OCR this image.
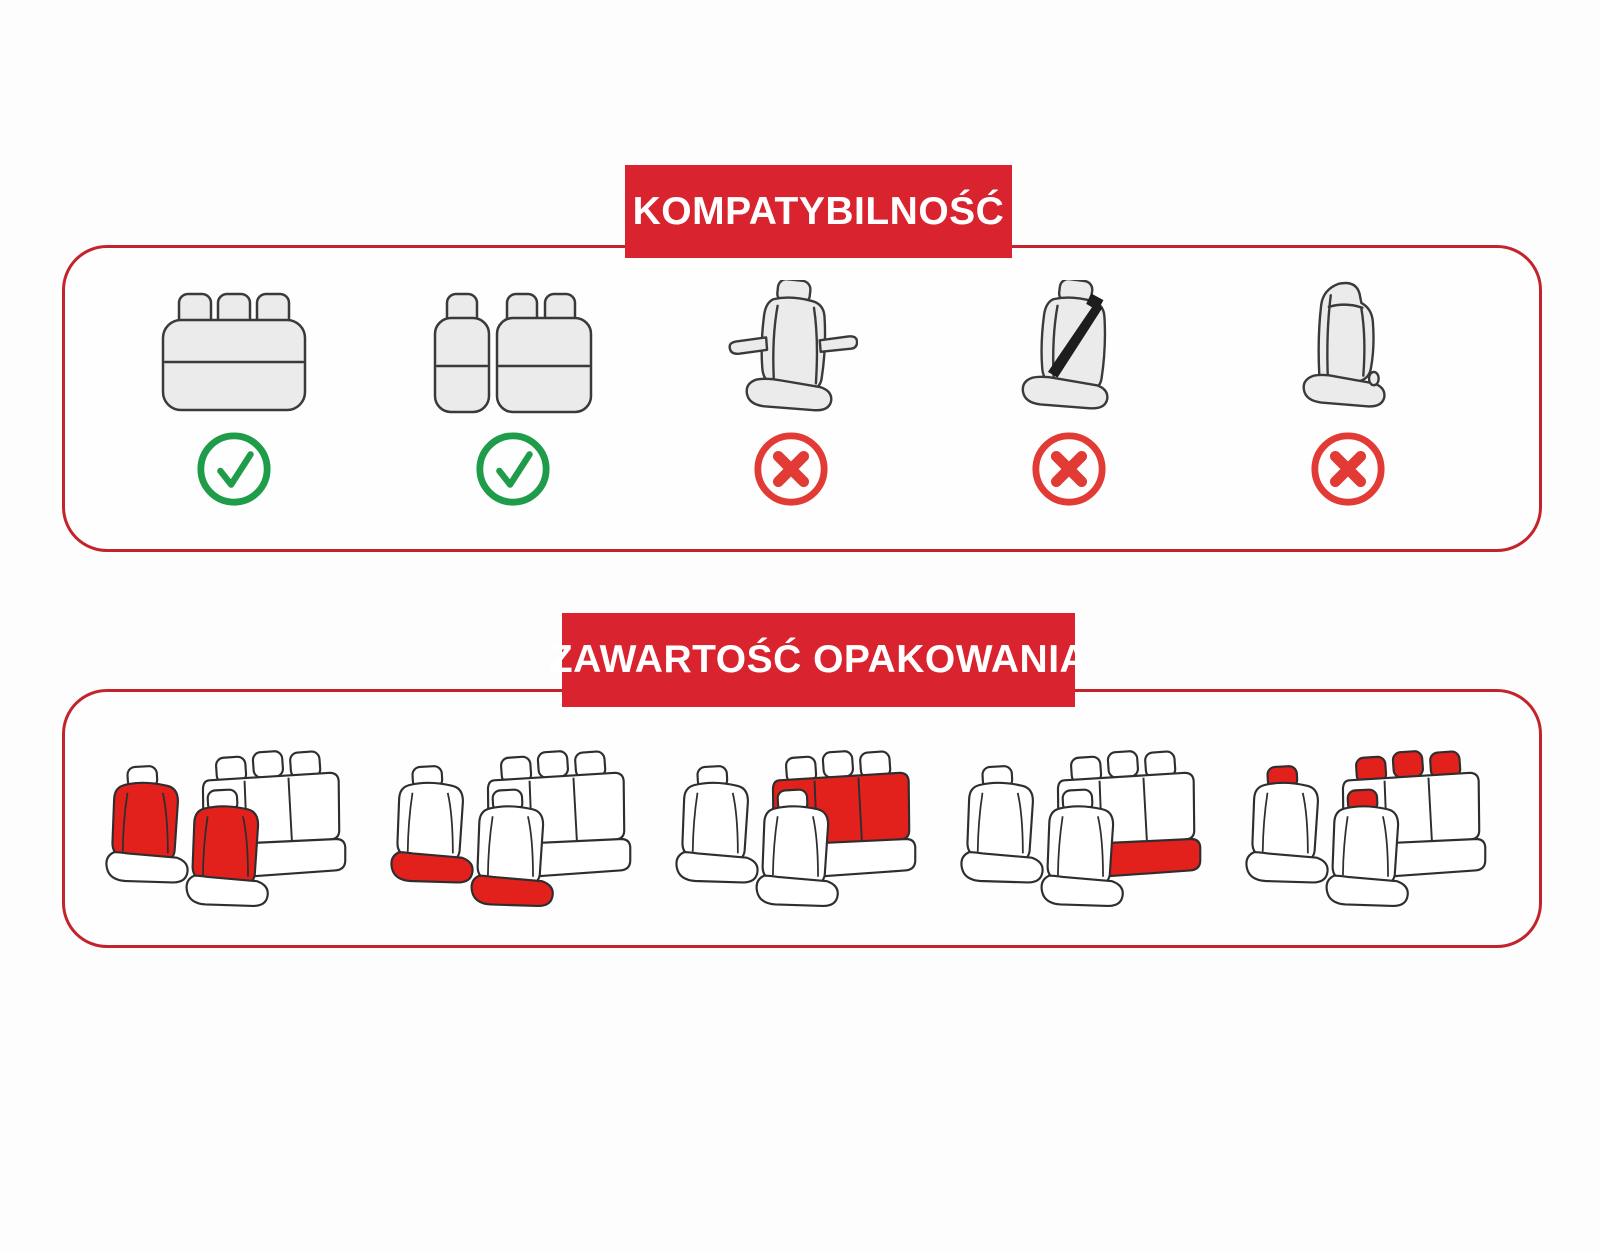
KOMPATYBILNOŚĆ
ZAWARTOŚĆ OPAKOWANIA
